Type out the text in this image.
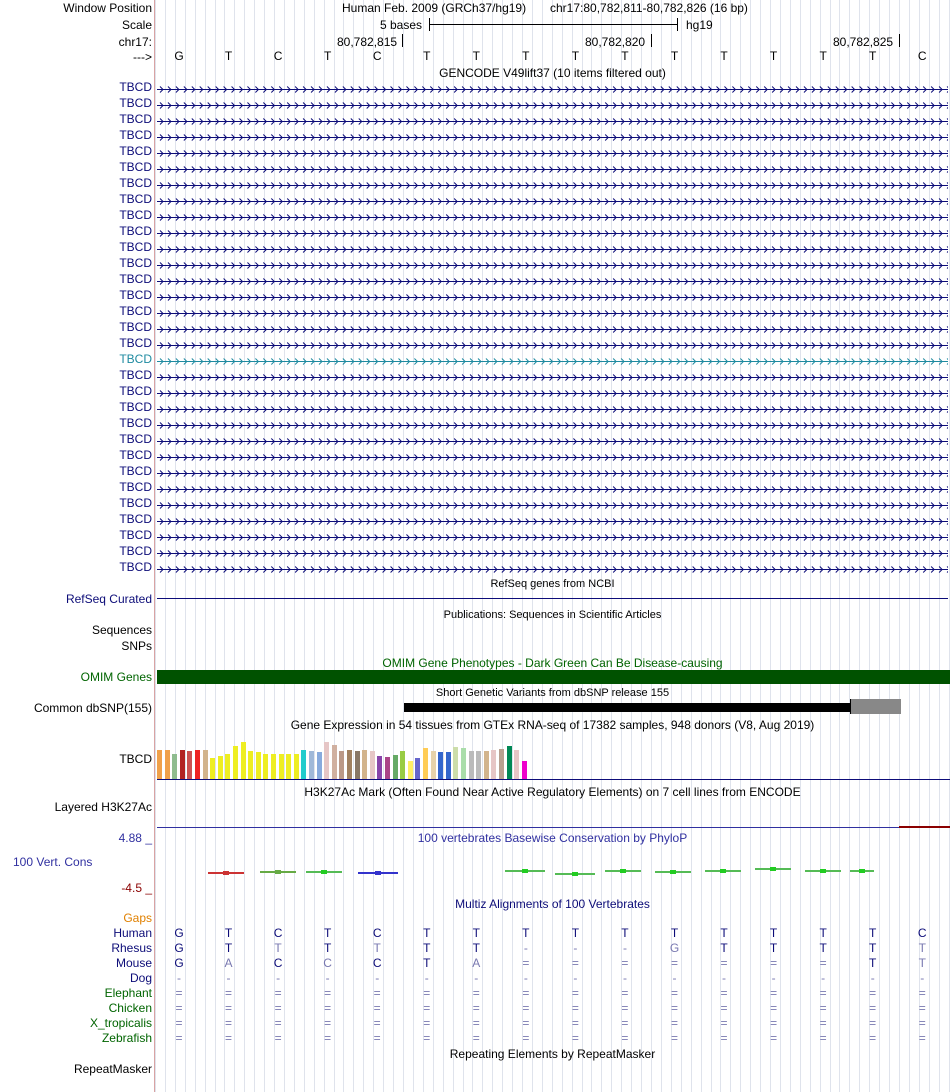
Window Position
Scale
chr17:
--->
Human Feb. 2009 (GRCh37/hg19) chr17:80,782,811-80,782,826 (16 bp)
5 bases	hg19
80,782,815	80,782,820	80,782,825
G	T	C	T	C	T	T	T	T	T	T	T	T	T	T	C
GENCODE V49lift37 (10 items filtered out)
TBCD
TBCD
TBCD
TBCD
TBCD
TBCD
TBCD
TBCD
TBCD
TBCD
TBCD
TBCD
TBCD
TBCD
TBCD
TBCD
TBCD
TBCD
TBCD
TBCD
TBCD
TBCD
TBCD
TBCD
TBCD
TBCD
TBCD
TBCD
TBCD
TBCD
TBCD
RefSeq genes from NCBI
RefSeq Curated
Publications: Sequences in Scientific Articles
Sequences
SNPs
OMIM Gene Phenotypes - Dark Green Can Be Disease-causing
OMIM Genes
Short Genetic Variants from dbSNP release 155
Common dbSNP(155)
Gene Expression in 54 tissues from GTEx RNA-seq of 17382 samples, 948 donors (V8, Aug 2019)
TBCD
H3K27Ac Mark (Often Found Near Active Regulatory Elements) on 7 cell lines from ENCODE
Layered H3K27Ac
100 vertebrates Basewise Conservation by PhyloP
4.88 _
100 Vert. Cons
-4.5 _
Multiz Alignments of 100 Vertebrates
Gaps
Human	G	T	C	T	C	T	T	T	T	T	T	T	T	T	T	C
Rhesus	G	T	T	T	T	T	T	-	-	-	G	T	T	T	T	T
Mouse	G	A	C	C	C	T	A	=	=	=	=	=	=	=	T	T
Dog	-	-	-	-	-	-	-	-	-	-	-	-	-	-	-	-
Elephant	=	=	=	=	=	=	=	=	=	=	=	=	=	=	=	=
Chicken	=	=	=	=	=	=	=	=	=	=	=	=	=	=	=	=
X_tropicalis	=	=	=	=	=	=	=	=	=	=	=	=	=	=	=	=
Zebrafish	=	=	=	=	=	=	=	=	=	=	=	=	=	=	=	=
Repeating Elements by RepeatMasker
RepeatMasker
